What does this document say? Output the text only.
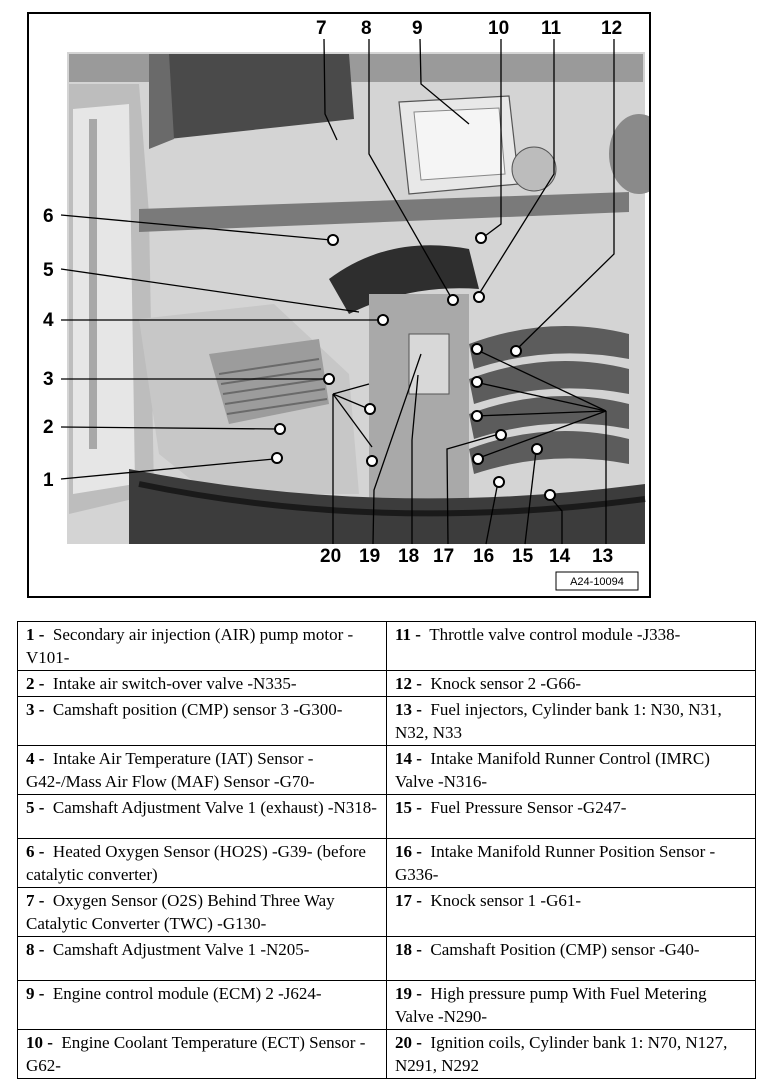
1
2
3
4
5
6
7 8 9	10 11 12
13
14
15
16
17
18
19
20
A24-10094
1 - Secondary air injection (AIR) pump motor -V101-	11 - Throttle valve control module -J338-
2 - Intake air switch-over valve -N335-	12 - Knock sensor 2 -G66-
3 - Camshaft position (CMP) sensor 3 -G300-	13 - Fuel injectors, Cylinder bank 1: N30, N31, N32, N33
4 - Intake Air Temperature (IAT) Sensor -G42-/Mass Air Flow (MAF) Sensor -G70-	14 - Intake Manifold Runner Control (IMRC) Valve -N316-
5 - Camshaft Adjustment Valve 1 (exhaust) -N318-	15 - Fuel Pressure Sensor -G247-
6 - Heated Oxygen Sensor (HO2S) -G39- (before catalytic converter)	16 - Intake Manifold Runner Position Sensor -G336-
7 - Oxygen Sensor (O2S) Behind Three Way Catalytic Converter (TWC) -G130-	17 - Knock sensor 1 -G61-
8 - Camshaft Adjustment Valve 1 -N205-	18 - Camshaft Position (CMP) sensor -G40-
9 - Engine control module (ECM) 2 -J624-	19 - High pressure pump With Fuel Metering Valve -N290-
10 - Engine Coolant Temperature (ECT) Sensor -G62-	20 - Ignition coils, Cylinder bank 1: N70, N127, N291, N292
